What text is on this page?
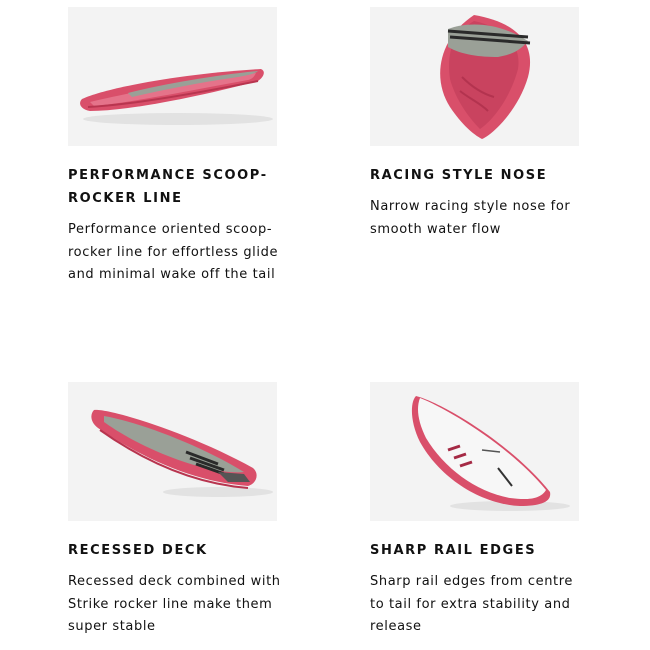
PERFORMANCE SCOOP-ROCKER LINE
Performance oriented scoop-rocker line for effortless glide and minimal wake off the tail
RACING STYLE NOSE
Narrow racing style nose for smooth water flow
RECESSED DECK
Recessed deck combined with Strike rocker line make them super stable
SHARP RAIL EDGES
Sharp rail edges from centre to tail for extra stability and release
